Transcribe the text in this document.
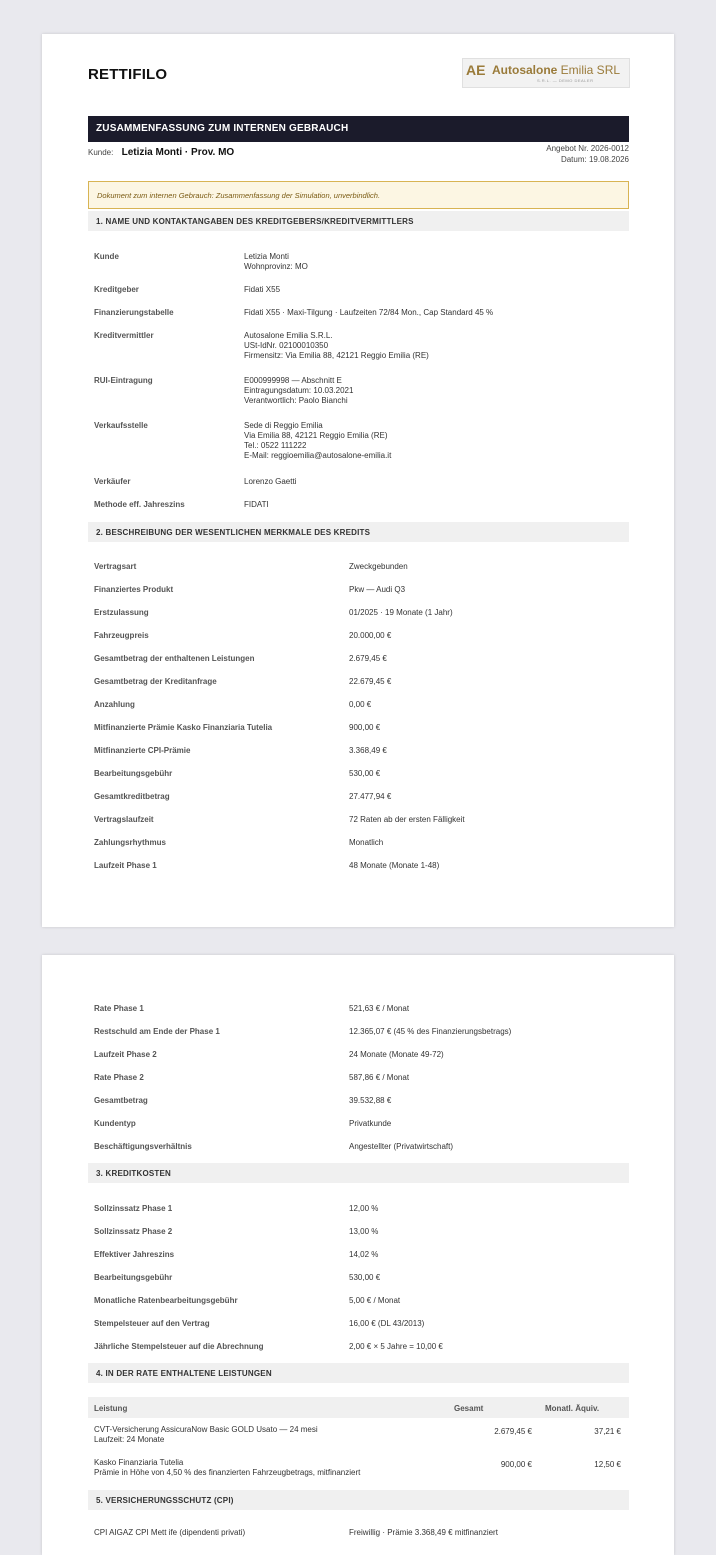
RETTIFILO	AE Autosalone Emilia SRL
S.R.L. — DEMO DEALER
ZUSAMMENFASSUNG ZUM INTERNEN GEBRAUCH
Kunde: Letizia Monti · Prov. MO	Angebot Nr. 2026-0012
Datum: 19.08.2026
Dokument zum internen Gebrauch: Zusammenfassung der Simulation, unverbindlich.
1. NAME UND KONTAKTANGABEN DES KREDITGEBERS/KREDITVERMITTLERS
Kunde	Letizia Monti
Wohnprovinz: MO
Kreditgeber	Fidati X55
Finanzierungstabelle	Fidati X55 · Maxi-Tilgung · Laufzeiten 72/84 Mon., Cap Standard 45 %
Kreditvermittler	Autosalone Emilia S.R.L.
USt-IdNr. 02100010350
Firmensitz: Via Emilia 88, 42121 Reggio Emilia (RE)
RUI-Eintragung	E000999998 — Abschnitt E
Eintragungsdatum: 10.03.2021
Verantwortlich: Paolo Bianchi
Verkaufsstelle	Sede di Reggio Emilia
Via Emilia 88, 42121 Reggio Emilia (RE)
Tel.: 0522 111222
E-Mail: reggioemilia@autosalone-emilia.it
Verkäufer	Lorenzo Gaetti
Methode eff. Jahreszins	FIDATI
2. BESCHREIBUNG DER WESENTLICHEN MERKMALE DES KREDITS
Vertragsart	Zweckgebunden
Finanziertes Produkt	Pkw — Audi Q3
Erstzulassung	01/2025 · 19 Monate (1 Jahr)
Fahrzeugpreis	20.000,00 €
Gesamtbetrag der enthaltenen Leistungen	2.679,45 €
Gesamtbetrag der Kreditanfrage	22.679,45 €
Anzahlung	0,00 €
Mitfinanzierte Prämie Kasko Finanziaria Tutelia	900,00 €
Mitfinanzierte CPI-Prämie	3.368,49 €
Bearbeitungsgebühr	530,00 €
Gesamtkreditbetrag	27.477,94 €
Vertragslaufzeit	72 Raten ab der ersten Fälligkeit
Zahlungsrhythmus	Monatlich
Laufzeit Phase 1	48 Monate (Monate 1-48)
Rate Phase 1	521,63 € / Monat
Restschuld am Ende der Phase 1	12.365,07 € (45 % des Finanzierungsbetrags)
Laufzeit Phase 2	24 Monate (Monate 49-72)
Rate Phase 2	587,86 € / Monat
Gesamtbetrag	39.532,88 €
Kundentyp	Privatkunde
Beschäftigungsverhältnis	Angestellter (Privatwirtschaft)
3. KREDITKOSTEN
Sollzinssatz Phase 1	12,00 %
Sollzinssatz Phase 2	13,00 %
Effektiver Jahreszins	14,02 %
Bearbeitungsgebühr	530,00 €
Monatliche Ratenbearbeitungsgebühr	5,00 € / Monat
Stempelsteuer auf den Vertrag	16,00 € (DL 43/2013)
Jährliche Stempelsteuer auf die Abrechnung	2,00 € × 5 Jahre = 10,00 €
4. IN DER RATE ENTHALTENE LEISTUNGEN
Leistung	Gesamt	Monatl. Äquiv.
CVT-Versicherung AssicuraNow Basic GOLD Usato — 24 mesi
Laufzeit: 24 Monate
2.679,45 €	37,21 €
Kasko Finanziaria Tutelia
Prämie in Höhe von 4,50 % des finanzierten Fahrzeugbetrags, mitfinanziert
900,00 €	12,50 €
5. VERSICHERUNGSSCHUTZ (CPI)
CPI AIGAZ CPI Mett ife (dipendenti privati)	Freiwillig · Prämie 3.368,49 € mitfinanziert
